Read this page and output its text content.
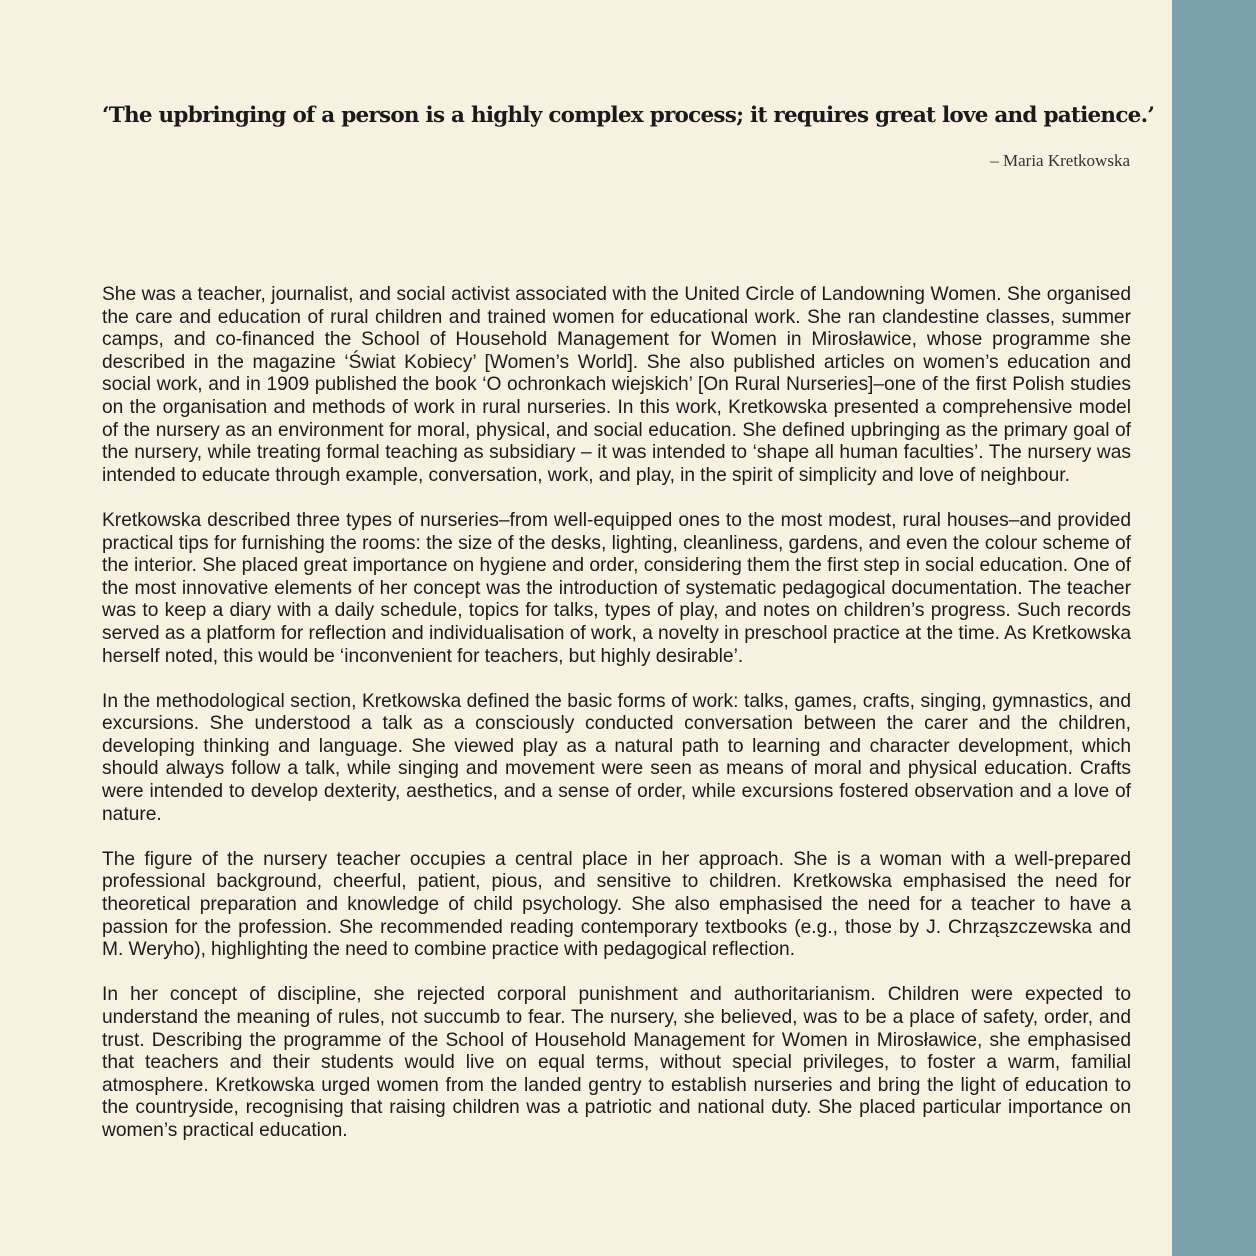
‘The upbringing of a person is a highly complex process; it requires great love and patience.’

– Maria Kretkowska

She was a teacher, journalist, and social activist associated with the United Circle of Landowning Women. She organised the care and education of rural children and trained women for educational work. She ran clandestine classes, summer camps, and co-financed the School of Household Management for Women in Mirosławice, whose programme she described in the magazine ‘Świat Kobiecy’ [Women’s World]. She also published articles on women’s education and social work, and in 1909 published the book ‘O ochronkach wiejskich’ [On Rural Nurseries]–one of the first Polish studies on the organisation and methods of work in rural nurseries. In this work, Kretkowska presented a comprehensive model of the nursery as an environment for moral, physical, and social education. She defined upbringing as the primary goal of the nursery, while treating formal teaching as subsidiary – it was intended to ‘shape all human faculties’. The nursery was intended to educate through example, conversation, work, and play, in the spirit of simplicity and love of neighbour.

Kretkowska described three types of nurseries–from well-equipped ones to the most modest, rural houses–and provided practical tips for furnishing the rooms: the size of the desks, lighting, cleanliness, gardens, and even the colour scheme of the interior. She placed great importance on hygiene and order, considering them the first step in social education. One of the most innovative elements of her concept was the introduction of systematic pedagogical documentation. The teacher was to keep a diary with a daily schedule, topics for talks, types of play, and notes on children’s progress. Such records served as a platform for reflection and individualisation of work, a novelty in preschool practice at the time. As Kretkowska herself noted, this would be ‘inconvenient for teachers, but highly desirable’.

In the methodological section, Kretkowska defined the basic forms of work: talks, games, crafts, singing, gymnastics, and excursions. She understood a talk as a consciously conducted conversation between the carer and the children, developing thinking and language. She viewed play as a natural path to learning and character development, which should always follow a talk, while singing and movement were seen as means of moral and physical education. Crafts were intended to develop dexterity, aesthetics, and a sense of order, while excursions fostered observation and a love of nature.

The figure of the nursery teacher occupies a central place in her approach. She is a woman with a well-prepared professional background, cheerful, patient, pious, and sensitive to children. Kretkowska emphasised the need for theoretical preparation and knowledge of child psychology. She also emphasised the need for a teacher to have a passion for the profession. She recommended reading contemporary textbooks (e.g., those by J. Chrząszczewska and M. Weryho), highlighting the need to combine practice with pedagogical reflection.

In her concept of discipline, she rejected corporal punishment and authoritarianism. Children were expected to understand the meaning of rules, not succumb to fear. The nursery, she believed, was to be a place of safety, order, and trust. Describing the programme of the School of Household Management for Women in Mirosławice, she emphasised that teachers and their students would live on equal terms, without special privileges, to foster a warm, familial atmosphere. Kretkowska urged women from the landed gentry to establish nurseries and bring the light of education to the countryside, recognising that raising children was a patriotic and national duty. She placed particular importance on women’s practical education.
